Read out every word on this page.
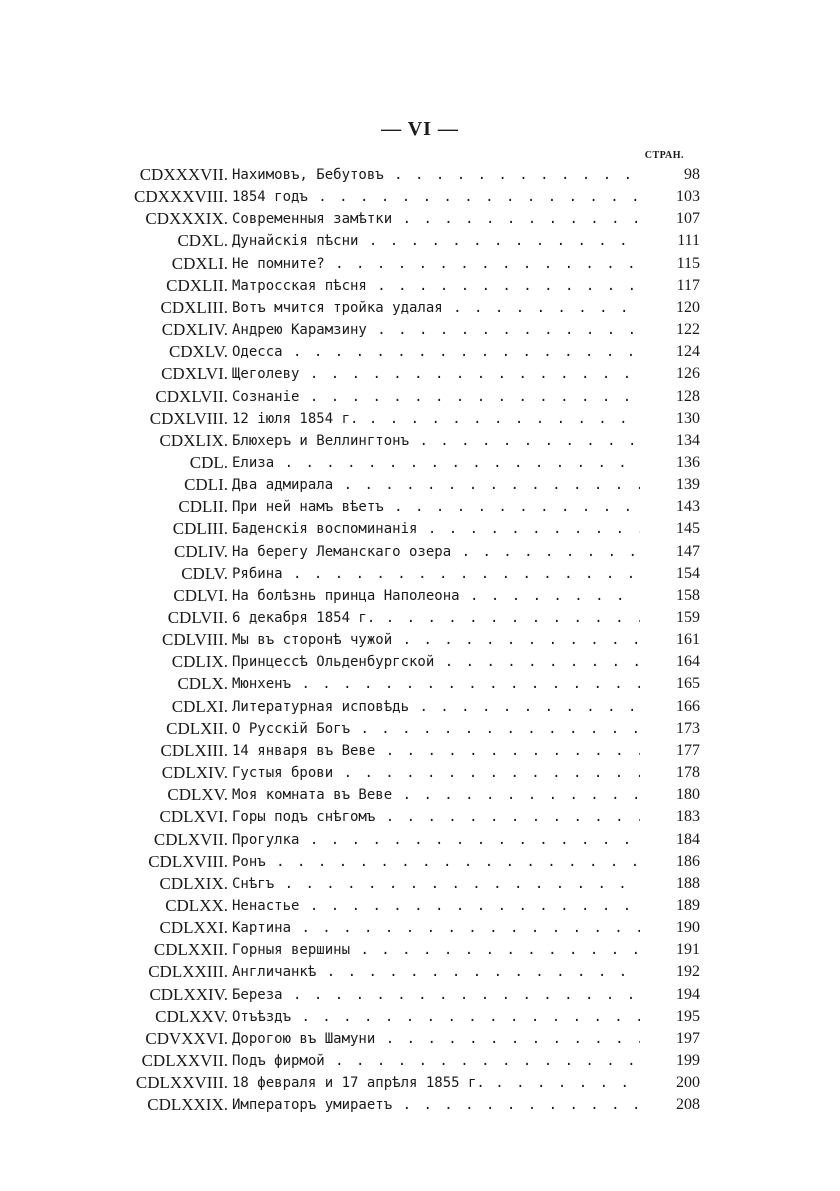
— VI —
СТРАН.
CDXXXVII. Нахимовъ, Бебутовъ . . .	98
CDXXXVIII. 1854 годъ . . .	103
CDXXXIX. Современныя замѣтки . . .	107
CDXL. Дунайскія пѣсни . . .	111
CDXLI. Не помните? . . .	115
CDXLII. Матросская пѣсня . . .	117
CDXLIII. Вотъ мчится тройка удалая . . .	120
CDXLIV. Андрею Карамзину . . .	122
CDXLV. Одесса . . .	124
CDXLVI. Щеголеву . . .	126
CDXLVII. Сознаніе . . .	128
CDXLVIII. 12 іюля 1854 г. . . .	130
CDXLIX. Блюхеръ и Веллингтонъ . . .	134
CDL. Елиза . . .	136
CDLI. Два адмирала . . .	139
CDLII. При ней намъ вѣетъ . . .	143
CDLIII. Баденскія воспоминанія . . .	145
CDLIV. На берегу Леманскаго озера . . .	147
CDLV. Рябина . . .	154
CDLVI. На болѣзнь принца Наполеона . . .	158
CDLVII. 6 декабря 1854 г. . . .	159
CDLVIII. Мы въ сторонѣ чужой . . .	161
CDLIX. Принцессѣ Ольденбургской . . .	164
CDLX. Мюнхенъ . . .	165
CDLXI. Литературная исповѣдь . . .	166
CDLXII. О Русскій Богъ . . .	173
CDLXIII. 14 января въ Веве . . .	177
CDLXIV. Густыя брови . . .	178
CDLXV. Моя комната въ Веве . . .	180
CDLXVI. Горы подъ снѣгомъ . . .	183
CDLXVII. Прогулка . . .	184
CDLXVIII. Ронъ . . .	186
CDLXIX. Снѣгъ . . .	188
CDLXX. Ненастье . . .	189
CDLXXI. Картина . . .	190
CDLXXII. Горныя вершины . . .	191
CDLXXIII. Англичанкѣ . . .	192
CDLXXIV. Береза . . .	194
CDLXXV. Отъѣздъ . . .	195
CDVXXVI. Дорогою въ Шамуни . . .	197
CDLXXVII. Подъ фирмой . . .	199
CDLXXVIII. 18 февраля и 17 апрѣля 1855 г. . . .	200
CDLXXIX. Императоръ умираетъ . . .	208
